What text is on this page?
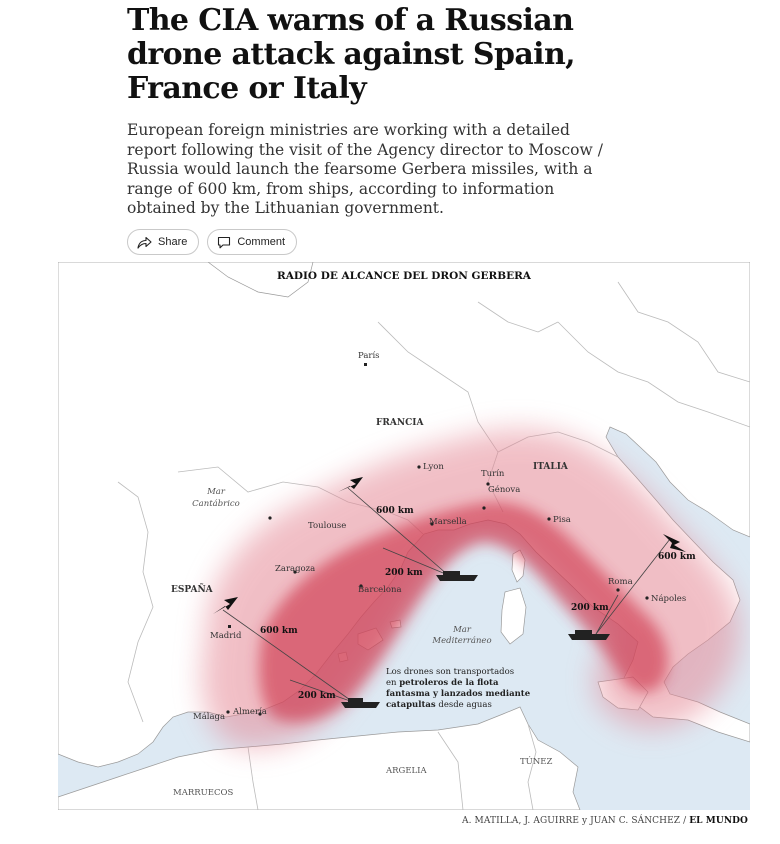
The CIA warns of a Russian drone attack against Spain, France or Italy

European foreign ministries are working with a detailed report following the visit of the Agency director to Moscow / Russia would launch the fearsome Gerbera missiles, with a range of 600 km, from ships, according to information obtained by the Lithuanian government.

Share	Comment
RADIO DE ALCANCE DEL DRON GERBERA
FRANCIA
ESPAÑA
ITALIA
ARGELIA
TÚNEZ
MARRUECOS
Mar
Cantábrico
Mar
Mediterráneo
París
Lyon
Turín
Génova
Marsella	Pisa
Toulouse
Zaragoza
Barcelona
Madrid
Roma
Nápoles
Málaga Almería
600 km
600 km
600 km
200 km
200 km
200 km
Los drones son transportados
en petroleros de la flota
fantasma y lanzados mediante
catapultas desde aguas
A. MATILLA, J. AGUIRRE y JUAN C. SÁNCHEZ / EL MUNDO
